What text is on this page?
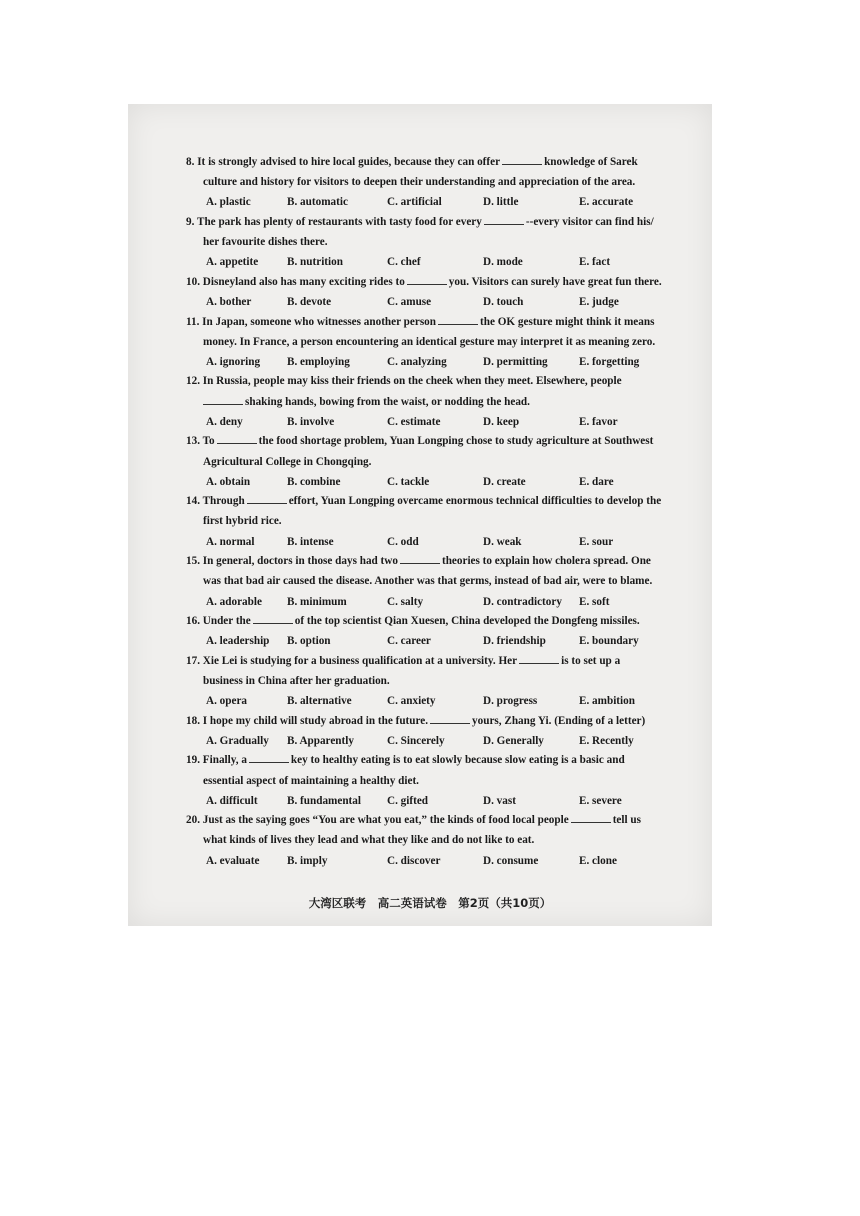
8. It is strongly advised to hire local guides, because they can offer	knowledge of Sarek
culture and history for visitors to deepen their understanding and appreciation of the area.
A. plastic	B. automatic	C. artificial	D. little	E. accurate
9. The park has plenty of restaurants with tasty food for every	--every visitor can find his/
her favourite dishes there.
A. appetite	B. nutrition	C. chef	D. mode	E. fact
10. Disneyland also has many exciting rides to	you. Visitors can surely have great fun there.
A. bother	B. devote	C. amuse	D. touch	E. judge
11. In Japan, someone who witnesses another person	the OK gesture might think it means
money. In France, a person encountering an identical gesture may interpret it as meaning zero.
A. ignoring B. employing	C. analyzing	D. permitting	E. forgetting
12. In Russia, people may kiss their friends on the cheek when they meet. Elsewhere, people
shaking hands, bowing from the waist, or nodding the head.
A. deny	B. involve	C. estimate	D. keep	E. favor
13. To	the food shortage problem, Yuan Longping chose to study agriculture at Southwest
Agricultural College in Chongqing.
A. obtain	B. combine	C. tackle	D. create	E. dare
14. Through	effort, Yuan Longping overcame enormous technical difficulties to develop the
first hybrid rice.
A. normal	B. intense	C. odd	D. weak	E. sour
15. In general, doctors in those days had two	theories to explain how cholera spread. One
was that bad air caused the disease. Another was that germs, instead of bad air, were to blame.
A. adorable B. minimum	C. salty	D. contradictory E. soft
16. Under the	of the top scientist Qian Xuesen, China developed the Dongfeng missiles.
A. leadership B. option	C. career	D. friendship	E. boundary
17. Xie Lei is studying for a business qualification at a university. Her	is to set up a
business in China after her graduation.
A. opera	B. alternative	C. anxiety	D. progress	E. ambition
18. I hope my child will study abroad in the future.	yours, Zhang Yi. (Ending of a letter)
A. Gradually B. Apparently	C. Sincerely	D. Generally	E. Recently
19. Finally, a	key to healthy eating is to eat slowly because slow eating is a basic and
essential aspect of maintaining a healthy diet.
A. difficult	B. fundamental C. gifted	D. vast	E. severe
20. Just as the saying goes “You are what you eat,” the kinds of food local people	tell us
what kinds of lives they lead and what they like and do not like to eat.
A. evaluate B. imply	C. discover	D. consume	E. clone
大湾区联考　高二英语试卷　第2页（共10页）
